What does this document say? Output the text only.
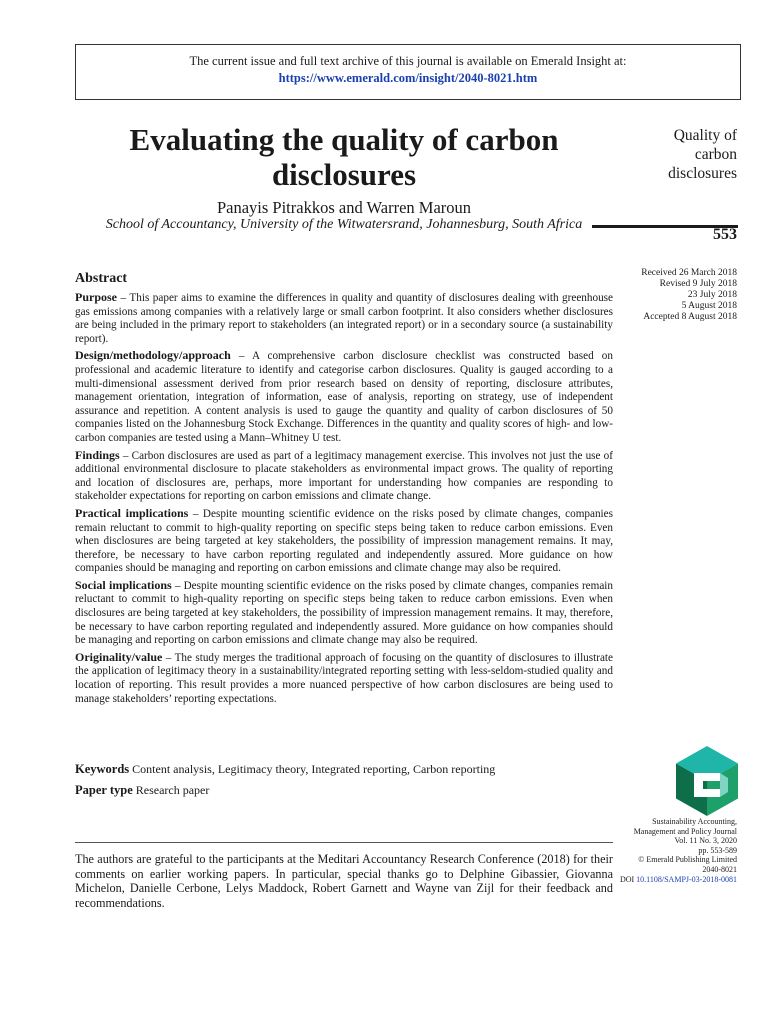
The current issue and full text archive of this journal is available on Emerald Insight at:
https://www.emerald.com/insight/2040-8021.htm
Evaluating the quality of carbon
disclosures
Panayis Pitrakkos and Warren Maroun
School of Accountancy, University of the Witwatersrand, Johannesburg, South Africa
Quality of
carbon
disclosures
553
Received 26 March 2018
Revised 9 July 2018
23 July 2018
5 August 2018
Accepted 8 August 2018
Abstract

Purpose – This paper aims to examine the differences in quality and quantity of disclosures dealing with greenhouse gas emissions among companies with a relatively large or small carbon footprint. It also considers whether disclosures are being included in the primary report to stakeholders (an integrated report) or in a secondary source (a sustainability report).

Design/methodology/approach – A comprehensive carbon disclosure checklist was constructed based on professional and academic literature to identify and categorise carbon disclosures. Quality is gauged according to a multi-dimensional assessment derived from prior research based on density of reporting, disclosure attributes, management orientation, integration of information, ease of analysis, reporting on strategy, use of independent assurance and repetition. A content analysis is used to gauge the quantity and quality of carbon disclosures of 50 companies listed on the Johannesburg Stock Exchange. Differences in the quantity and quality scores of high- and low-carbon companies are tested using a Mann–Whitney U test.

Findings – Carbon disclosures are used as part of a legitimacy management exercise. This involves not just the use of additional environmental disclosure to placate stakeholders as environmental impact grows. The quality of reporting and location of disclosures are, perhaps, more important for understanding how companies are responding to stakeholder expectations for reporting on carbon emissions and climate change.

Practical implications – Despite mounting scientific evidence on the risks posed by climate changes, companies remain reluctant to commit to high-quality reporting on specific steps being taken to reduce carbon emissions. Even when disclosures are being targeted at key stakeholders, the possibility of impression management remains. It may, therefore, be necessary to have carbon reporting regulated and independently assured. More guidance on how companies should be managing and reporting on carbon emissions and climate change may also be required.

Social implications – Despite mounting scientific evidence on the risks posed by climate changes, companies remain reluctant to commit to high-quality reporting on specific steps being taken to reduce carbon emissions. Even when disclosures are being targeted at key stakeholders, the possibility of impression management remains. It may, therefore, be necessary to have carbon reporting regulated and independently assured. More guidance on how companies should be managing and reporting on carbon emissions and climate change may also be required.

Originality/value – The study merges the traditional approach of focusing on the quantity of disclosures to illustrate the application of legitimacy theory in a sustainability/integrated reporting setting with less-seldom-studied quality and location of reporting. This result provides a more nuanced perspective of how carbon disclosures are being used to manage stakeholders’ reporting expectations.

Keywords Content analysis, Legitimacy theory, Integrated reporting, Carbon reporting
Paper type Research paper
The authors are grateful to the participants at the Meditari Accountancy Research Conference (2018) for their comments on earlier working papers. In particular, special thanks go to Delphine Gibassier, Giovanna Michelon, Danielle Cerbone, Lelys Maddock, Robert Garnett and Wayne van Zijl for their feedback and recommendations.
Sustainability Accounting,
Management and Policy Journal
Vol. 11 No. 3, 2020
pp. 553-589
© Emerald Publishing Limited
2040-8021
DOI 10.1108/SAMPJ-03-2018-0081
